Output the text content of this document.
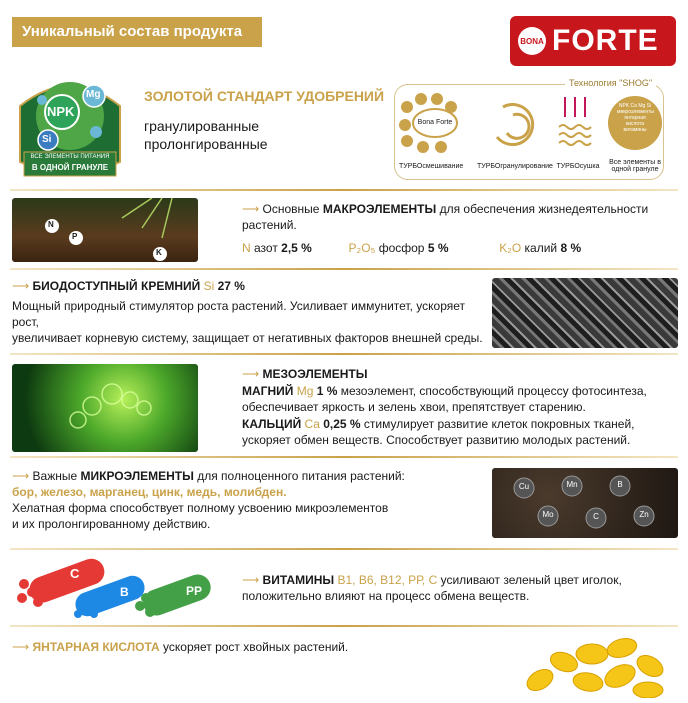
Уникальный состав продукта
BONA FORTE
NPK
Mg
Si
ВСЕ ЭЛЕМЕНТЫ ПИТАНИЯ
В ОДНОЙ ГРАНУЛЕ
ЗОЛОТОЙ СТАНДАРТ УДОБРЕНИЙ
гранулированные
пролонгированные
Bona Forte
NPK Ca Mg Si микроэлементы янтарная кислота витамины
ТУРБОсмешивание ТУРБОгранулирование ТУРБОсушка
Все элементы в одной грануле
Технология "SHOG"
N
P
K
⟶ Основные МАКРОЭЛЕМЕНТЫ для обеспечения жизнедеятельности
растений.
N азот 2,5 %	P₂O₅ фосфор 5 %	K₂O калий 8 %
⟶ БИОДОСТУПНЫЙ КРЕМНИЙ Si 27 %
Мощный природный стимулятор роста растений. Усиливает иммунитет, ускоряет рост,
увеличивает корневую систему, защищает от негативных факторов внешней среды.
⟶ МЕЗОЭЛЕМЕНТЫ
МАГНИЙ Mg 1 % мезоэлемент, способствующий процессу фотосинтеза,
обеспечивает яркость и зелень хвои, препятствует старению.
КАЛЬЦИЙ Ca 0,25 % стимулирует развитие клеток покровных тканей,
ускоряет обмен веществ. Способствует развитию молодых растений.
⟶ Важные МИКРОЭЛЕМЕНТЫ для полноценного питания растений:
бор, железо, марганец, цинк, медь, молибден.
Хелатная форма способствует полному усвоению микроэлементов
и их пролонгированному действию.
Cu	Mn	B
Mo	C	Zn
C
B	PP
⟶ ВИТАМИНЫ В1, В6, В12, РР, С усиливают зеленый цвет иголок,
положительно влияют на процесс обмена веществ.
⟶ ЯНТАРНАЯ КИСЛОТА ускоряет рост хвойных растений.
